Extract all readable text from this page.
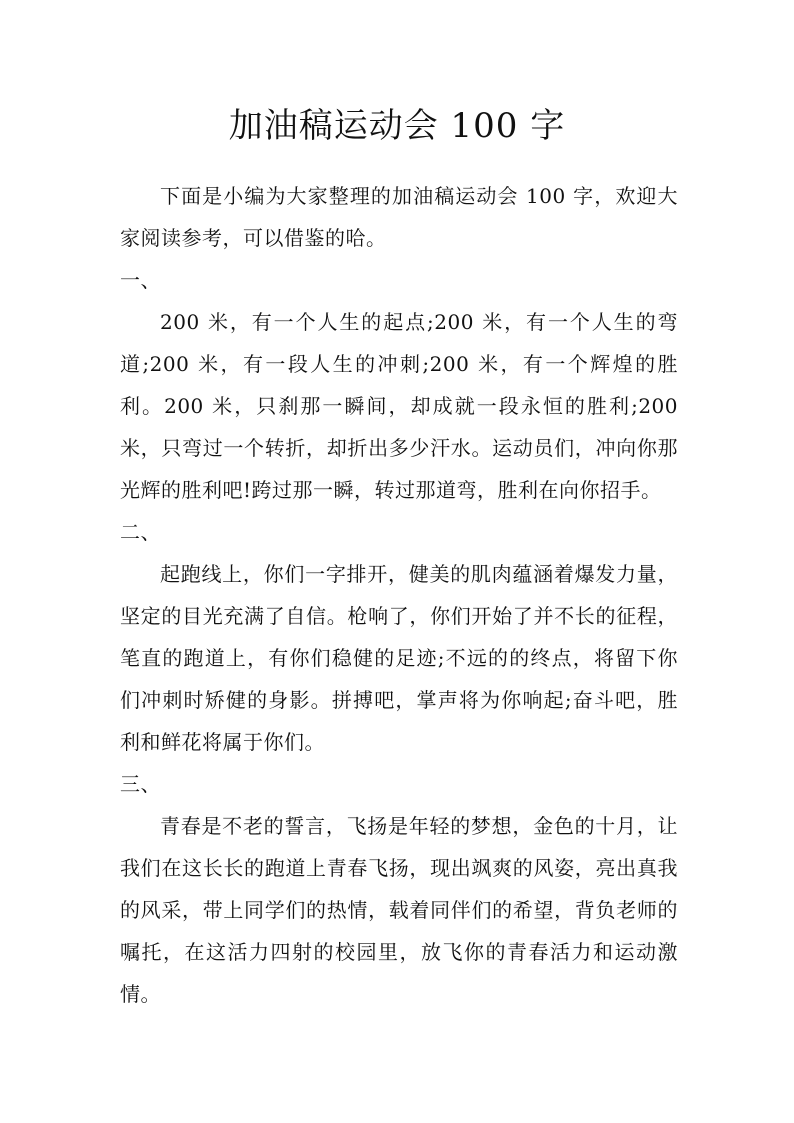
加油稿运动会 100 字

下面是小编为大家整理的加油稿运动会 100 字，欢迎大家阅读参考，可以借鉴的哈。

一、

200 米，有一个人生的起点;200 米，有一个人生的弯道;200 米，有一段人生的冲刺;200 米，有一个辉煌的胜利。200 米，只刹那一瞬间，却成就一段永恒的胜利;200 米，只弯过一个转折，却折出多少汗水。运动员们，冲向你那光辉的胜利吧!跨过那一瞬，转过那道弯，胜利在向你招手。

二、

起跑线上，你们一字排开，健美的肌肉蕴涵着爆发力量，坚定的目光充满了自信。枪响了，你们开始了并不长的征程，笔直的跑道上，有你们稳健的足迹;不远的的终点，将留下你们冲刺时矫健的身影。拼搏吧，掌声将为你响起;奋斗吧，胜利和鲜花将属于你们。

三、

青春是不老的誓言，飞扬是年轻的梦想，金色的十月，让我们在这长长的跑道上青春飞扬，现出飒爽的风姿，亮出真我的风采，带上同学们的热情，载着同伴们的希望，背负老师的嘱托，在这活力四射的校园里，放飞你的青春活力和运动激情。
